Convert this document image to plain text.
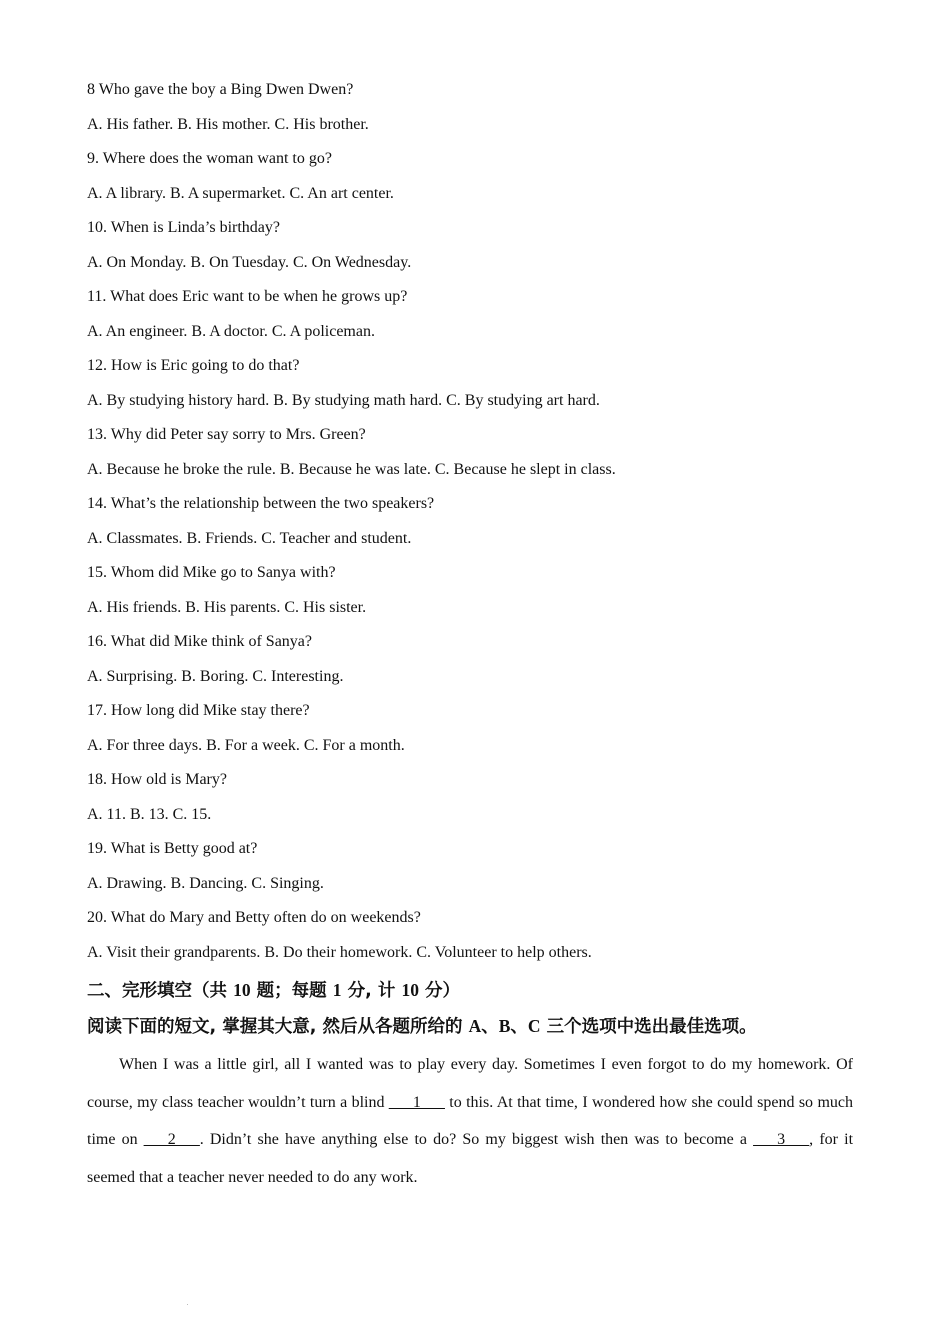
8 Who gave the boy a Bing Dwen Dwen?
A. His father. B. His mother. C. His brother.
9. Where does the woman want to go?
A. A library. B. A supermarket. C. An art center.
10. When is Linda’s birthday?
A. On Monday. B. On Tuesday. C. On Wednesday.
11. What does Eric want to be when he grows up?
A. An engineer. B. A doctor. C. A policeman.
12. How is Eric going to do that?
A. By studying history hard. B. By studying math hard. C. By studying art hard.
13. Why did Peter say sorry to Mrs. Green?
A. Because he broke the rule. B. Because he was late. C. Because he slept in class.
14. What’s the relationship between the two speakers?
A. Classmates. B. Friends. C. Teacher and student.
15. Whom did Mike go to Sanya with?
A. His friends. B. His parents. C. His sister.
16. What did Mike think of Sanya?
A. Surprising. B. Boring. C. Interesting.
17. How long did Mike stay there?
A. For three days. B. For a week. C. For a month.
18. How old is Mary?
A. 11. B. 13. C. 15.
19. What is Betty good at?
A. Drawing. B. Dancing. C. Singing.
20. What do Mary and Betty often do on weekends?
A. Visit their grandparents. B. Do their homework. C. Volunteer to help others.
二、完形填空（共 10 题；每题 1 分, 计 10 分）
阅读下面的短文, 掌握其大意, 然后从各题所给的 A、B、C 三个选项中选出最佳选项。
When I was a little girl, all I wanted was to play every day. Sometimes I even forgot to do my homework. Of course, my class teacher wouldn’t turn a blind ___1___ to this. At that time, I wondered how she could spend so much time on ___2___. Didn’t she have anything else to do? So my biggest wish then was to become a ___3___, for it seemed that a teacher never needed to do any work.
